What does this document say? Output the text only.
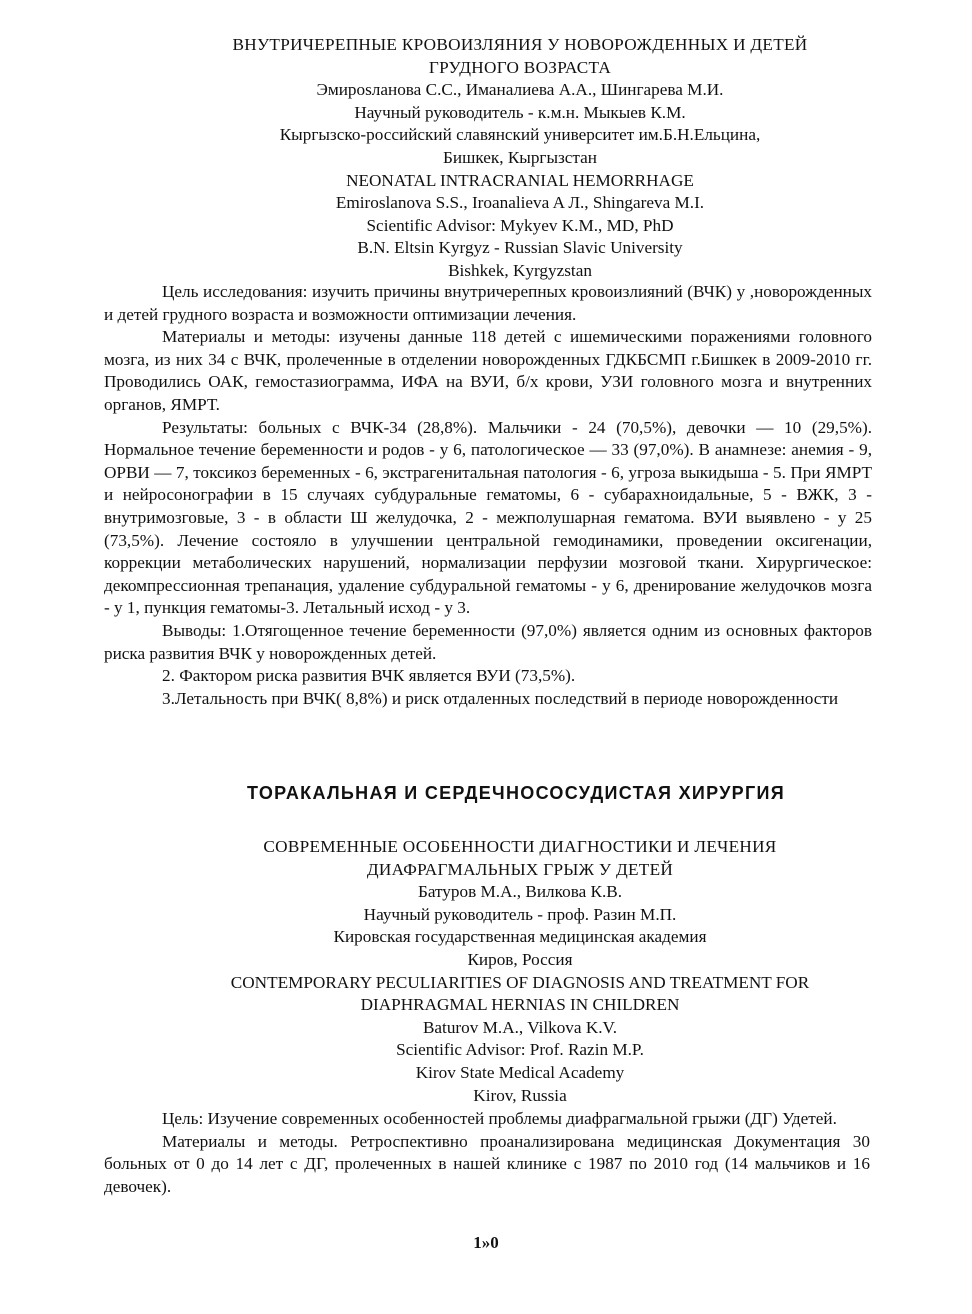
ВНУТРИЧЕРЕПНЫЕ КРОВОИЗЛЯНИЯ У НОВОРОЖДЕННЫХ И ДЕТЕЙ
ГРУДНОГО ВОЗРАСТА
Эмирosланова С.С., Иманалиева А.А., Шингарева М.И.
Научный руководитель - к.м.н. Мыкыев К.М.
Кыргызско-российский славянский университет им.Б.Н.Ельцина,
Бишкек, Кыргызстан
NEONATAL INTRACRANIAL HEMORRHAGE
Emiroslanova S.S., Iroanalieva A Л., Shingareva M.I.
Scientific Advisor: Mykyev K.M., MD, PhD
B.N. Eltsin Kyrgyz - Russian Slavic University
Bishkek, Kyrgyzstan

Цель исследования: изучить причины внутричерепных кровоизлияний (ВЧК) у ,новорожденных и детей грудного возраста и возможности оптимизации лечения.

Материалы и методы: изучены данные 118 детей с ишемическими поражениями головного мозга, из них 34 с ВЧК, пролеченные в отделении новорожденных ГДКБСМП г.Бишкек в 2009-2010 гг. Проводились ОАК, гемостазиограмма, ИФА на ВУИ, б/х крови, УЗИ головного мозга и внутренних органов, ЯМРТ.

Результаты: больных с ВЧК-34 (28,8%). Мальчики - 24 (70,5%), девочки — 10 (29,5%). Нормальное течение беременности и родов - у 6, патологическое — 33 (97,0%). В анамнезе: анемия - 9, ОРВИ — 7, токсикоз беременных - 6, экстрагенитальная патология - 6, угроза выкидыша - 5. При ЯМРТ и нейросонографии в 15 случаях субдуральные гематомы, 6 - субарахноидальные, 5 - ВЖК, 3 - внутримозговые, 3 - в области Ш желудочка, 2 - межполушарная гематома. ВУИ выявлено - у 25 (73,5%). Лечение состояло в улучшении центральной гемодинамики, проведении оксигенации, коррекции метаболических нарушений, нормализации перфузии мозговой ткани. Хирургическое: декомпрессионная трепанация, удаление субдуральной гематомы - у 6, дренирование желудочков мозга - у 1, пункция гематомы-3. Летальный исход - у 3.

Выводы: 1.Отягощенное течение беременности (97,0%) является одним из основных факторов риска развития ВЧК у новорожденных детей.

2. Фактором риска развития ВЧК является ВУИ (73,5%).

3.Летальность при ВЧК( 8,8%) и риск отдаленных последствий в периоде новорожденности

ТОРАКАЛЬНАЯ И СЕРДЕЧНОСОСУДИСТАЯ ХИРУРГИЯ
СОВРЕМЕННЫЕ ОСОБЕННОСТИ ДИАГНОСТИКИ И ЛЕЧЕНИЯ
ДИАФРАГМАЛЬНЫХ ГРЫЖ У ДЕТЕЙ
Батуров М.А., Вилкова К.В.
Научный руководитель - проф. Разин М.П.
Кировская государственная медицинская академия
Киров, Россия
CONTEMPORARY PECULIARITIES OF DIAGNOSIS AND TREATMENT FOR
DIAPHRAGMAL HERNIAS IN CHILDREN
Baturov M.A., Vilkova K.V.
Scientific Advisor: Prof. Razin M.P.
Kirov State Medical Academy
Kirov, Russia

Цель: Изучение современных особенностей проблемы диафрагмальной грыжи (ДГ) Удетей.

Материалы и методы. Ретроспективно проанализирована медицинская Документация 30 больных от 0 до 14 лет с ДГ, пролеченных в нашей клинике с 1987 по 2010 год (14 мальчиков и 16 девочек).

1»0
